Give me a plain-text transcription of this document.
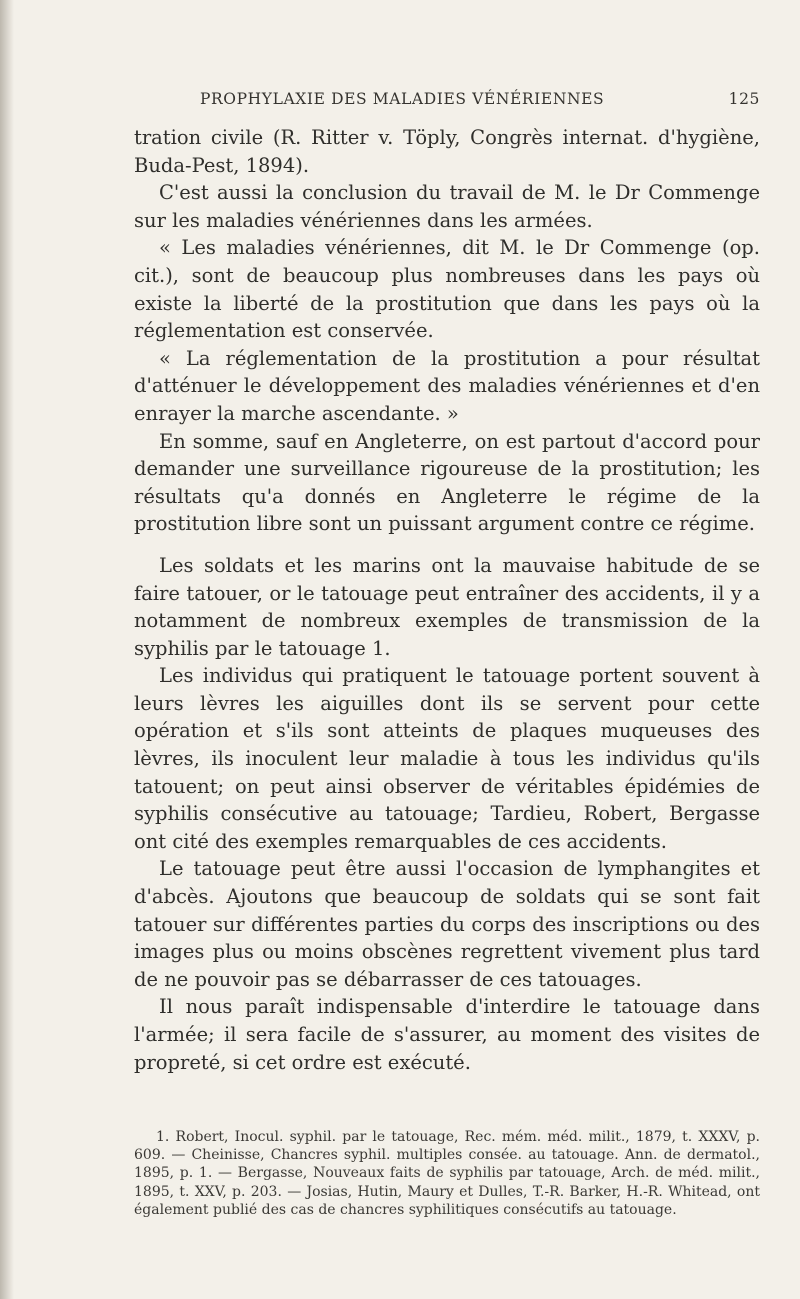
PROPHYLAXIE DES MALADIES VÉNÉRIENNES	125

tration civile (R. Ritter v. Töply, Congrès internat. d'hygiène, Buda-Pest, 1894).

C'est aussi la conclusion du travail de M. le Dr Commenge sur les maladies vénériennes dans les armées.

« Les maladies vénériennes, dit M. le Dr Commenge (op. cit.), sont de beaucoup plus nombreuses dans les pays où existe la liberté de la prostitution que dans les pays où la réglementation est conservée.

« La réglementation de la prostitution a pour résultat d'atténuer le développement des maladies vénériennes et d'en enrayer la marche ascendante. »

En somme, sauf en Angleterre, on est partout d'accord pour demander une surveillance rigoureuse de la prostitution; les résultats qu'a donnés en Angleterre le régime de la prostitution libre sont un puissant argument contre ce régime.

Les soldats et les marins ont la mauvaise habitude de se faire tatouer, or le tatouage peut entraîner des accidents, il y a notamment de nombreux exemples de transmission de la syphilis par le tatouage 1.

Les individus qui pratiquent le tatouage portent souvent à leurs lèvres les aiguilles dont ils se servent pour cette opération et s'ils sont atteints de plaques muqueuses des lèvres, ils inoculent leur maladie à tous les individus qu'ils tatouent; on peut ainsi observer de véritables épidémies de syphilis consécutive au tatouage; Tardieu, Robert, Bergasse ont cité des exemples remarquables de ces accidents.

Le tatouage peut être aussi l'occasion de lymphangites et d'abcès. Ajoutons que beaucoup de soldats qui se sont fait tatouer sur différentes parties du corps des inscriptions ou des images plus ou moins obscènes regrettent vivement plus tard de ne pouvoir pas se débarrasser de ces tatouages.

Il nous paraît indispensable d'interdire le tatouage dans l'armée; il sera facile de s'assurer, au moment des visites de propreté, si cet ordre est exécuté.

1. Robert, Inocul. syphil. par le tatouage, Rec. mém. méd. milit., 1879, t. XXXV, p. 609. — Cheinisse, Chancres syphil. multiples consée. au tatouage. Ann. de dermatol., 1895, p. 1. — Bergasse, Nouveaux faits de syphilis par tatouage, Arch. de méd. milit., 1895, t. XXV, p. 203. — Josias, Hutin, Maury et Dulles, T.-R. Barker, H.-R. Whitead, ont également publié des cas de chancres syphilitiques consécutifs au tatouage.
